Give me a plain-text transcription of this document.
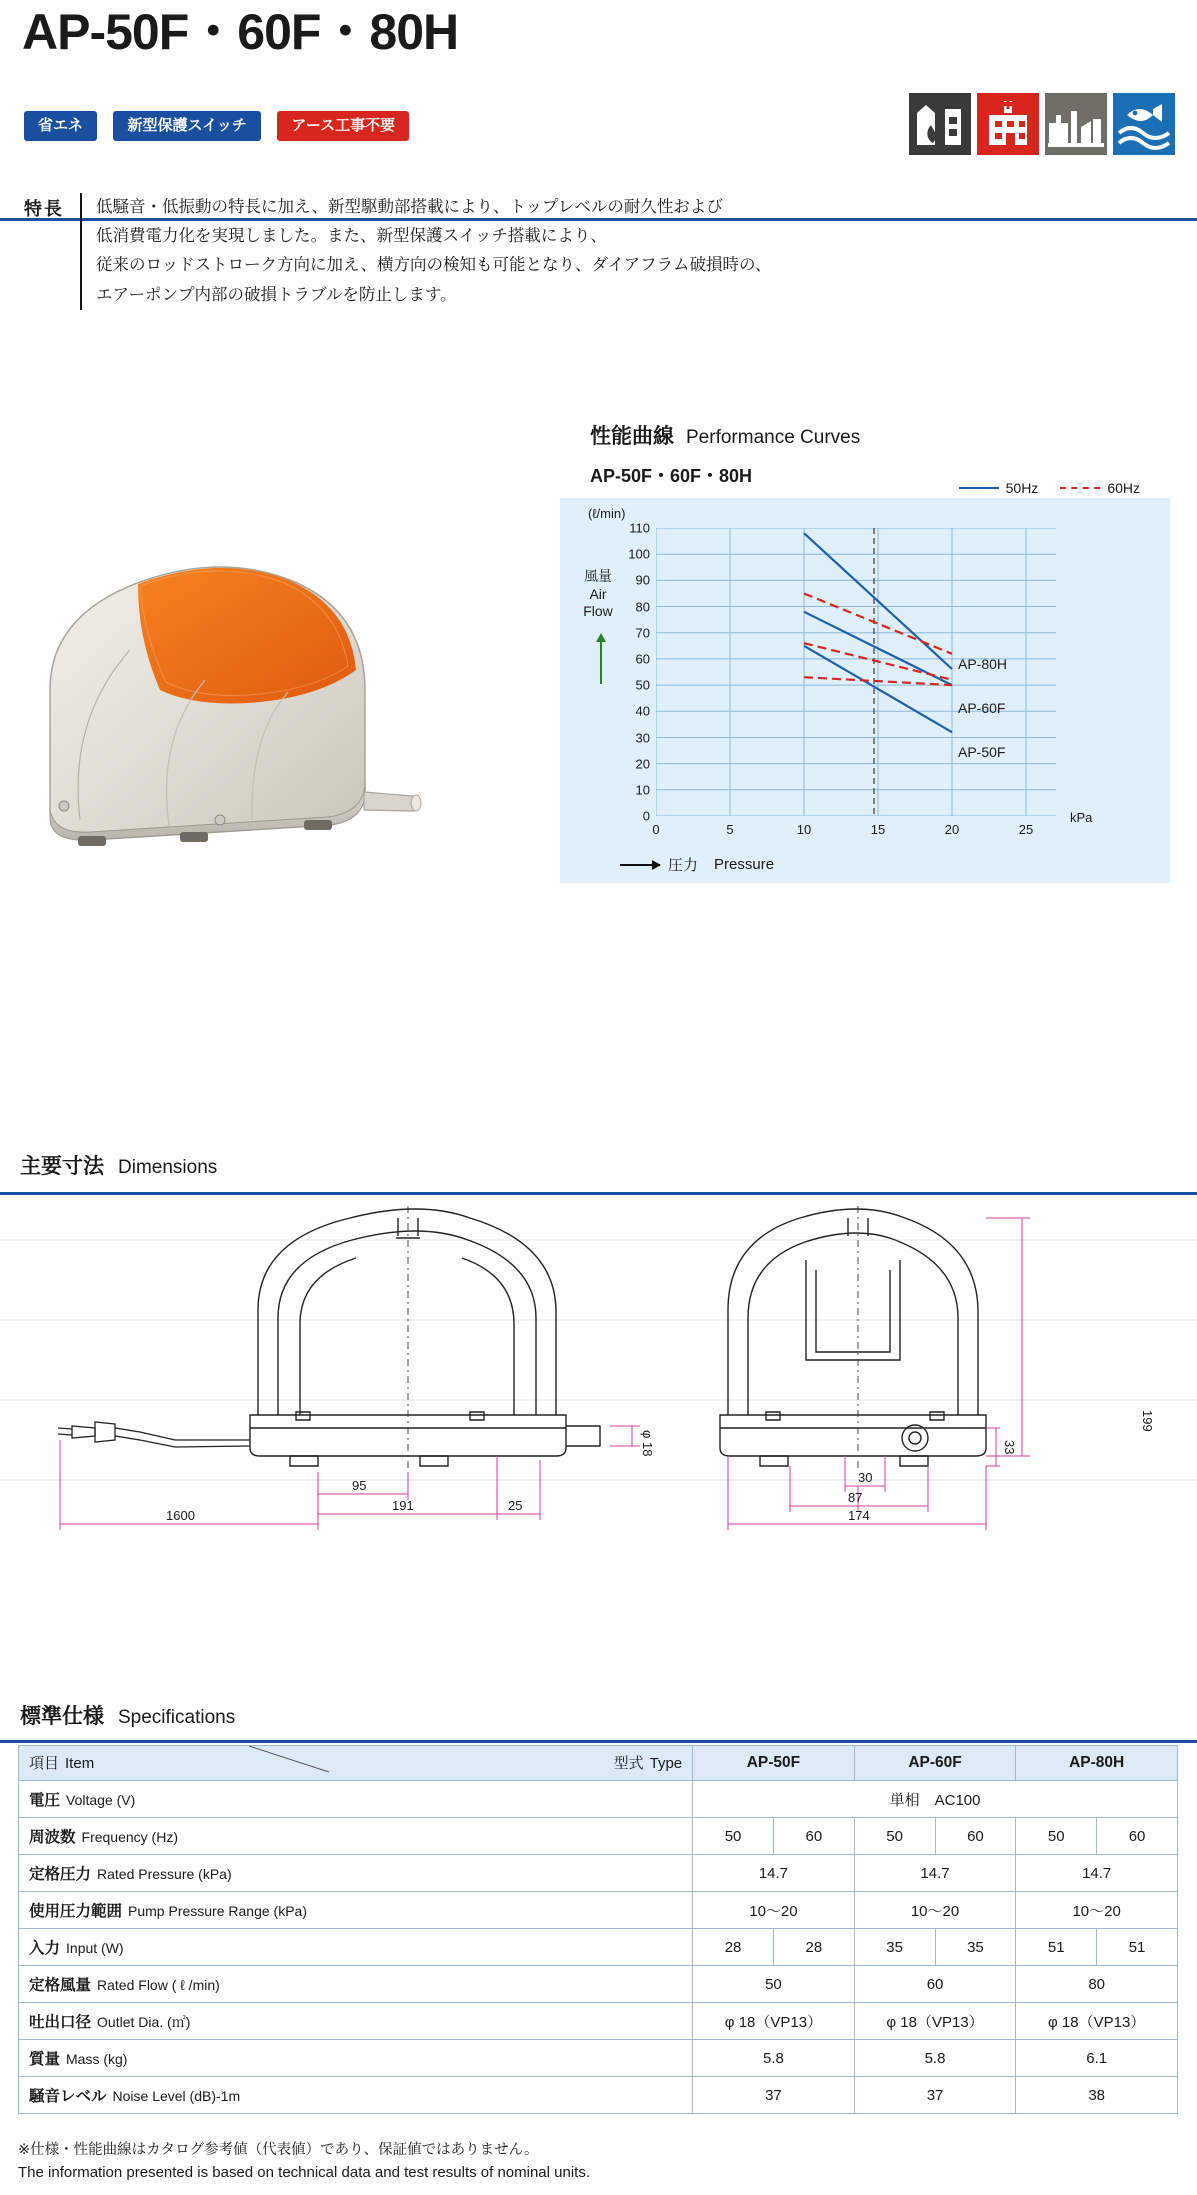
AP-50F・60F・80H
省エネ	新型保護スイッチ	アース工事不要
特長	低騒音・低振動の特長に加え、新型駆動部搭載により、トップレベルの耐久性および
低消費電力化を実現しました。また、新型保護スイッチ搭載により、
従来のロッドストローク方向に加え、横方向の検知も可能となり、ダイアフラム破損時の、
エアーポンプ内部の破損トラブルを防止します。
性能曲線 Performance Curves
AP-50F・60F・80H
50Hz	60Hz
(ℓ/min)
風量
Air
Flow
0
10
20
30
40
50
60
70
80
90
100
110
0	5	10	15	20	25
AP-80H
AP-60F
AP-50F
kPa
圧力 Pressure
主要寸法 Dimensions
199
33
φ 18
95
191	25
1600
30
87
174
標準仕様 Specifications
項目 Item 型式 Type	AP-50F		AP-60F		AP-80H	
電圧 Voltage (V)	単相　AC100					
周波数 Frequency (Hz)	50	60	50	60	50	60
定格圧力 Rated Pressure (kPa)	14.7		14.7		14.7	
使用圧力範囲 Pump Pressure Range (kPa)	10〜20		10〜20		10〜20	
入力 Input (W)	28	28	35	35	51	51
定格風量 Rated Flow ( ℓ /min)	50		60		80	
吐出口径 Outlet Dia. (㎡)	φ 18（VP13）		φ 18（VP13）		φ 18（VP13）	
質量 Mass (kg)	5.8		5.8		6.1	
騒音レベル Noise Level (dB)-1m	37		37		38	
※仕様・性能曲線はカタログ参考値（代表値）であり、保証値ではありません。
The information presented is based on technical data and test results of nominal units.
